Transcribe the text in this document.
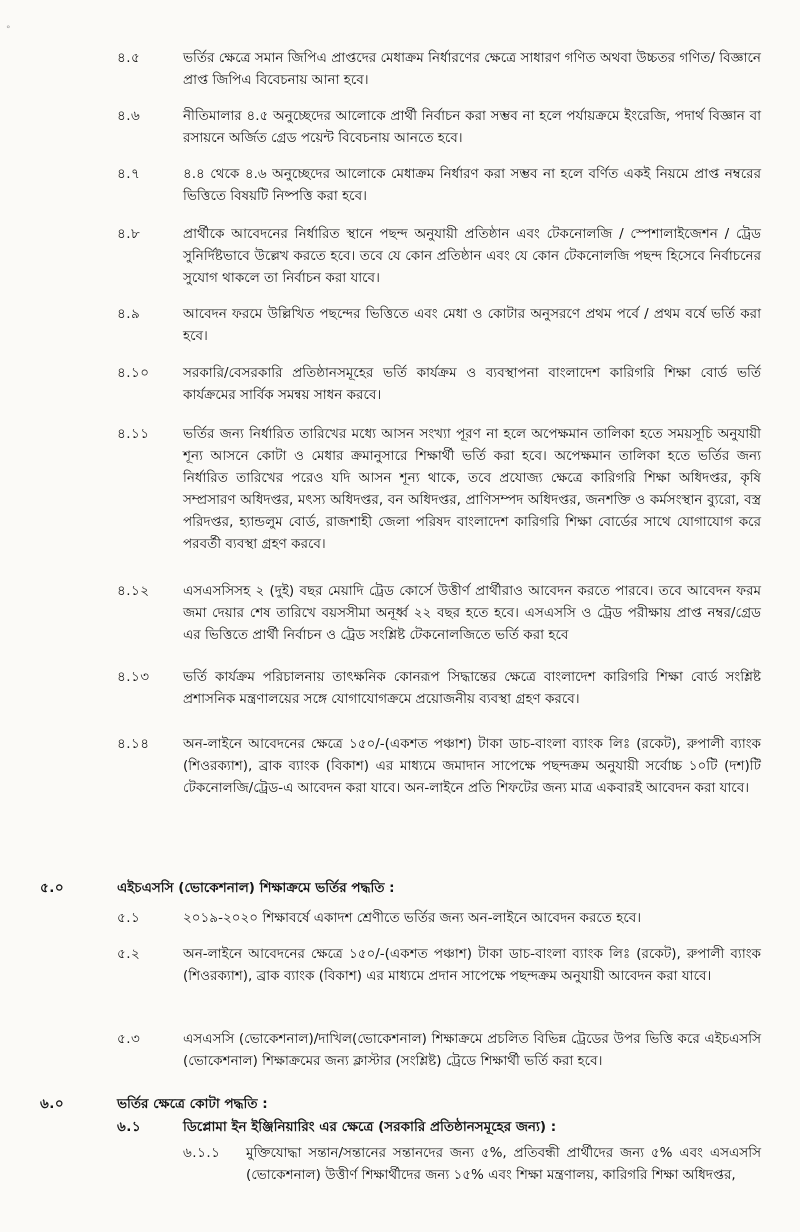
°
৪.৫	ভর্তির ক্ষেত্রে সমান জিপিএ প্রাপ্তদের মেধাক্রম নির্ধারণের ক্ষেত্রে সাধারণ গণিত অথবা উচ্চতর গণিত/ বিজ্ঞানে প্রাপ্ত জিপিএ বিবেচনায় আনা হবে।
৪.৬	নীতিমালার ৪.৫ অনুচ্ছেদের আলোকে প্রার্থী নির্বাচন করা সম্ভব না হলে পর্যায়ক্রমে ইংরেজি, পদার্থ বিজ্ঞান বা রসায়নে অর্জিত গ্রেড পয়েন্ট বিবেচনায় আনতে হবে।
৪.৭	৪.৪ থেকে ৪.৬ অনুচ্ছেদের আলোকে মেধাক্রম নির্ধারণ করা সম্ভব না হলে বর্ণিত একই নিয়মে প্রাপ্ত নম্বরের ভিত্তিতে বিষয়টি নিষ্পত্তি করা হবে।
৪.৮	প্রার্থীকে আবেদনের নির্ধারিত স্থানে পছন্দ অনুযায়ী প্রতিষ্ঠান এবং টেকনোলজি / স্পেশালাইজেশন / ট্রেড সুনির্দিষ্টভাবে উল্লেখ করতে হবে। তবে যে কোন প্রতিষ্ঠান এবং যে কোন টেকনোলজি পছন্দ হিসেবে নির্বাচনের সুযোগ থাকলে তা নির্বাচন করা যাবে।
৪.৯	আবেদন ফরমে উল্লিখিত পছন্দের ভিত্তিতে এবং মেধা ও কোটার অনুসরণে প্রথম পর্বে / প্রথম বর্ষে ভর্তি করা হবে।
৪.১০ সরকারি/বেসরকারি প্রতিষ্ঠানসমূহের ভর্তি কার্যক্রম ও ব্যবস্থাপনা বাংলাদেশ কারিগরি শিক্ষা বোর্ড ভর্তি কার্যক্রমের সার্বিক সমন্বয় সাধন করবে।
৪.১১ ভর্তির জন্য নির্ধারিত তারিখের মধ্যে আসন সংখ্যা পূরণ না হলে অপেক্ষমান তালিকা হতে সময়সূচি অনুযায়ী শূন্য আসনে কোটা ও মেধার ক্রমানুসারে শিক্ষার্থী ভর্তি করা হবে। অপেক্ষমান তালিকা হতে ভর্তির জন্য নির্ধারিত তারিখের পরেও যদি আসন শূন্য থাকে, তবে প্রযোজ্য ক্ষেত্রে কারিগরি শিক্ষা অধিদপ্তর, কৃষি সম্প্রসারণ অধিদপ্তর, মৎস্য অধিদপ্তর, বন অধিদপ্তর, প্রাণিসম্পদ অধিদপ্তর, জনশক্তি ও কর্মসংস্থান ব্যুরো, বস্ত্র পরিদপ্তর, হ্যান্ডলুম বোর্ড, রাজশাহী জেলা পরিষদ বাংলাদেশ কারিগরি শিক্ষা বোর্ডের সাথে যোগাযোগ করে পরবর্তী ব্যবস্থা গ্রহণ করবে।
৪.১২ এসএসসিসহ ২ (দুই) বছর মেয়াদি ট্রেড কোর্সে উত্তীর্ণ প্রার্থীরাও আবেদন করতে পারবে। তবে আবেদন ফরম জমা দেয়ার শেষ তারিখে বয়সসীমা অনূর্ধ্ব ২২ বছর হতে হবে। এসএসসি ও ট্রেড পরীক্ষায় প্রাপ্ত নম্বর/গ্রেড এর ভিত্তিতে প্রার্থী নির্বাচন ও ট্রেড সংশ্লিষ্ট টেকনোলজিতে ভর্তি করা হবে
৪.১৩ ভর্তি কার্যক্রম পরিচালনায় তাৎক্ষনিক কোনরূপ সিদ্ধান্তের ক্ষেত্রে বাংলাদেশ কারিগরি শিক্ষা বোর্ড সংশ্লিষ্ট প্রশাসনিক মন্ত্রণালয়ের সঙ্গে যোগাযোগক্রমে প্রয়োজনীয় ব্যবস্থা গ্রহণ করবে।
৪.১৪ অন-লাইনে আবেদনের ক্ষেত্রে ১৫০/-(একশত পঞ্চাশ) টাকা ডাচ-বাংলা ব্যাংক লিঃ (রকেট), রুপালী ব্যাংক (শিওরক্যাশ), ব্রাক ব্যাংক (বিকাশ) এর মাধ্যমে জমাদান সাপেক্ষে পছন্দক্রম অনুযায়ী সর্বোচ্চ ১০টি (দশ)টি টেকনোলজি/ট্রেড-এ আবেদন করা যাবে। অন-লাইনে প্রতি শিফটের জন্য মাত্র একবারই আবেদন করা যাবে।
৫.০	এইচএসসি (ভোকেশনাল) শিক্ষাক্রমে ভর্তির পদ্ধতি :
৫.১	২০১৯-২০২০ শিক্ষাবর্ষে একাদশ শ্রেণীতে ভর্তির জন্য অন-লাইনে আবেদন করতে হবে।
৫.২	অন-লাইনে আবেদনের ক্ষেত্রে ১৫০/-(একশত পঞ্চাশ) টাকা ডাচ-বাংলা ব্যাংক লিঃ (রকেট), রুপালী ব্যাংক (শিওরক্যাশ), ব্রাক ব্যাংক (বিকাশ) এর মাধ্যমে প্রদান সাপেক্ষে পছন্দক্রম অনুযায়ী আবেদন করা যাবে।
৫.৩	এসএসসি (ভোকেশনাল)/দাখিল(ভোকেশনাল) শিক্ষাক্রমে প্রচলিত বিভিন্ন ট্রেডের উপর ভিত্তি করে এইচএসসি (ভোকেশনাল) শিক্ষাক্রমের জন্য ক্লাস্টার (সংশ্লিষ্ট) ট্রেডে শিক্ষার্থী ভর্তি করা হবে।
৬.০	ভর্তির ক্ষেত্রে কোটা পদ্ধতি :
৬.১	ডিপ্লোমা ইন ইঞ্জিনিয়ারিং এর ক্ষেত্রে (সরকারি প্রতিষ্ঠানসমূহের জন্য) :
৬.১.১ মুক্তিযোদ্ধা সন্তান/সন্তানের সন্তানদের জন্য ৫%, প্রতিবন্ধী প্রার্থীদের জন্য ৫% এবং এসএসসি (ভোকেশনাল) উত্তীর্ণ শিক্ষার্থীদের জন্য ১৫% এবং শিক্ষা মন্ত্রণালয়, কারিগরি শিক্ষা অধিদপ্তর,
